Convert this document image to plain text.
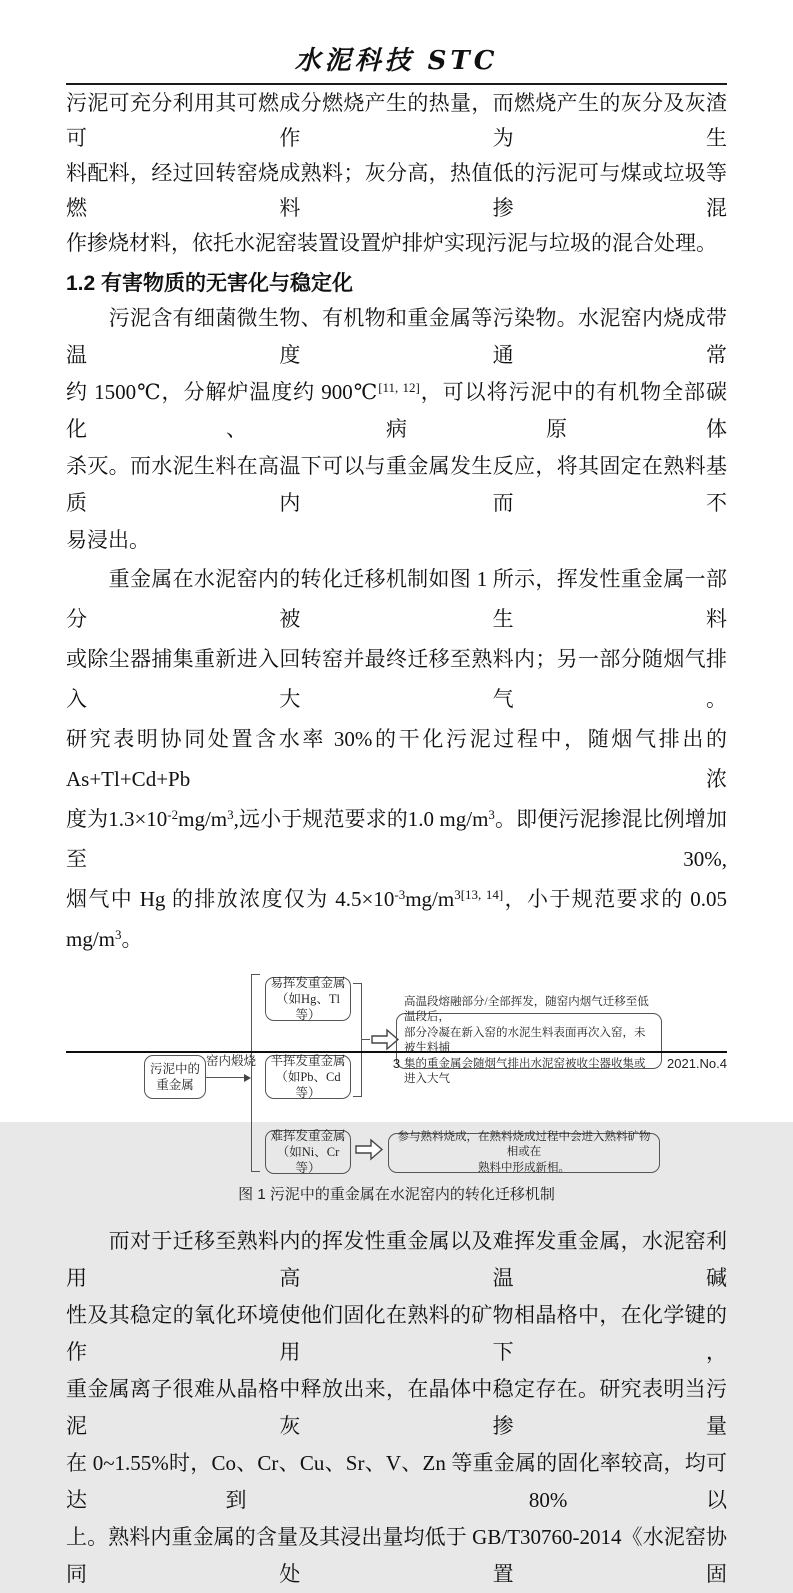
水泥科技 STC
污泥可充分利用其可燃成分燃烧产生的热量，而燃烧产生的灰分及灰渣可作为生
料配料，经过回转窑烧成熟料；灰分高，热值低的污泥可与煤或垃圾等燃料掺混
作掺烧材料，依托水泥窑装置设置炉排炉实现污泥与垃圾的混合处理。
1.2 有害物质的无害化与稳定化
　　污泥含有细菌微生物、有机物和重金属等污染物。水泥窑内烧成带温度通常
约 1500℃，分解炉温度约 900℃[11, 12]，可以将污泥中的有机物全部碳化、病原体
杀灭。而水泥生料在高温下可以与重金属发生反应，将其固定在熟料基质内而不
易浸出。
　　重金属在水泥窑内的转化迁移机制如图 1 所示，挥发性重金属一部分被生料
或除尘器捕集重新进入回转窑并最终迁移至熟料内；另一部分随烟气排入大气。
研究表明协同处置含水率 30%的干化污泥过程中，随烟气排出的 As+Tl+Cd+Pb 浓
度为$1.3\times 10^{-2}mg/m^3$,远小于规范要求的1.0 $mg/m^3$。即便污泥掺混比例增加至30%,
烟气中 Hg 的排放浓度仅为 $4.5\times 10^{-3}mg/m^{3[13, 14]}$，小于规范要求的 0.05 $mg/m^3$。
污泥中的
重金属
窑内煅烧
易挥发重金属
（如Hg、Tl等）
半挥发重金属
（如Pb、Cd等）
难挥发重金属
（如Ni、Cr等）
高温段熔融部分/全部挥发，随窑内烟气迁移至低温段后，
部分冷凝在新入窑的水泥生料表面再次入窑，未被生料捕
集的重金属会随烟气排出水泥窑被收尘器收集或进入大气
参与熟料烧成，在熟料烧成过程中会进入熟料矿物相或在
熟料中形成新相。
图 1 污泥中的重金属在水泥窑内的转化迁移机制
　　而对于迁移至熟料内的挥发性重金属以及难挥发重金属，水泥窑利用高温碱
性及其稳定的氧化环境使他们固化在熟料的矿物相晶格中，在化学键的作用下，
重金属离子很难从晶格中释放出来，在晶体中稳定存在。研究表明当污泥灰掺量
在 0~1.55%时，Co、Cr、Cu、Sr、V、Zn 等重金属的固化率较高，均可达到 80%以
上。熟料内重金属的含量及其浸出量均低于 GB/T30760-2014《水泥窑协同处置固
3	2021.No.4
